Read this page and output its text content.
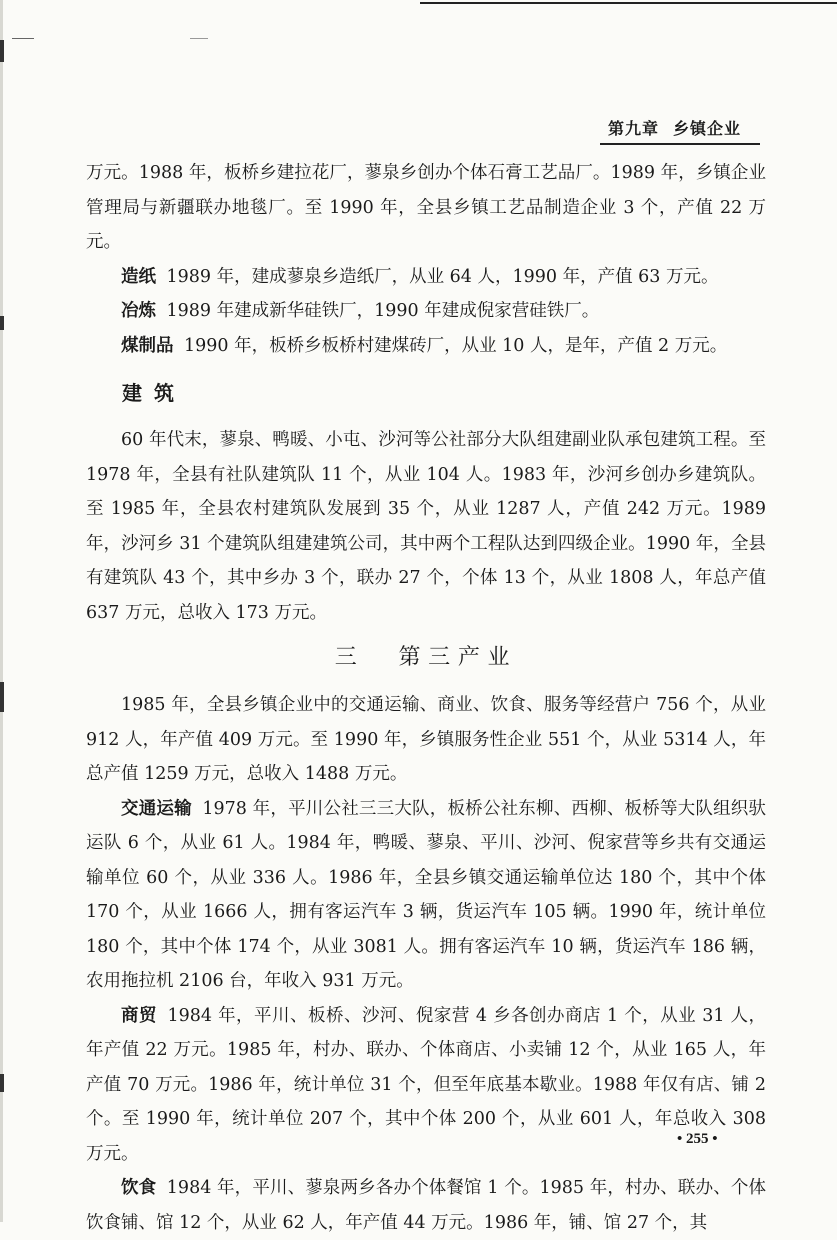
第九章 乡镇企业

万元。1988 年，板桥乡建拉花厂，蓼泉乡创办个体石膏工艺品厂。1989 年，乡镇企业管理局与新疆联办地毯厂。至 1990 年，全县乡镇工艺品制造企业 3 个，产值 22 万元。

造纸 1989 年，建成蓼泉乡造纸厂，从业 64 人，1990 年，产值 63 万元。

冶炼 1989 年建成新华硅铁厂，1990 年建成倪家营硅铁厂。

煤制品 1990 年，板桥乡板桥村建煤砖厂，从业 10 人，是年，产值 2 万元。

建筑

60 年代末，蓼泉、鸭暖、小屯、沙河等公社部分大队组建副业队承包建筑工程。至 1978 年，全县有社队建筑队 11 个，从业 104 人。1983 年，沙河乡创办乡建筑队。至 1985 年，全县农村建筑队发展到 35 个，从业 1287 人，产值 242 万元。1989 年，沙河乡 31 个建筑队组建建筑公司，其中两个工程队达到四级企业。1990 年，全县有建筑队 43 个，其中乡办 3 个，联办 27 个，个体 13 个，从业 1808 人，年总产值 637 万元，总收入 173 万元。

三 第三产业

1985 年，全县乡镇企业中的交通运输、商业、饮食、服务等经营户 756 个，从业 912 人，年产值 409 万元。至 1990 年，乡镇服务性企业 551 个，从业 5314 人，年总产值 1259 万元，总收入 1488 万元。

交通运输 1978 年，平川公社三三大队，板桥公社东柳、西柳、板桥等大队组织驮运队 6 个，从业 61 人。1984 年，鸭暖、蓼泉、平川、沙河、倪家营等乡共有交通运输单位 60 个，从业 336 人。1986 年，全县乡镇交通运输单位达 180 个，其中个体 170 个，从业 1666 人，拥有客运汽车 3 辆，货运汽车 105 辆。1990 年，统计单位 180 个，其中个体 174 个，从业 3081 人。拥有客运汽车 10 辆，货运汽车 186 辆，农用拖拉机 2106 台，年收入 931 万元。

商贸 1984 年，平川、板桥、沙河、倪家营 4 乡各创办商店 1 个，从业 31 人，年产值 22 万元。1985 年，村办、联办、个体商店、小卖铺 12 个，从业 165 人，年产值 70 万元。1986 年，统计单位 31 个，但至年底基本歇业。1988 年仅有店、铺 2 个。至 1990 年，统计单位 207 个，其中个体 200 个，从业 601 人，年总收入 308 万元。

饮食 1984 年，平川、蓼泉两乡各办个体餐馆 1 个。1985 年，村办、联办、个体饮食铺、馆 12 个，从业 62 人，年产值 44 万元。1986 年，铺、馆 27 个，其

• 255 •
